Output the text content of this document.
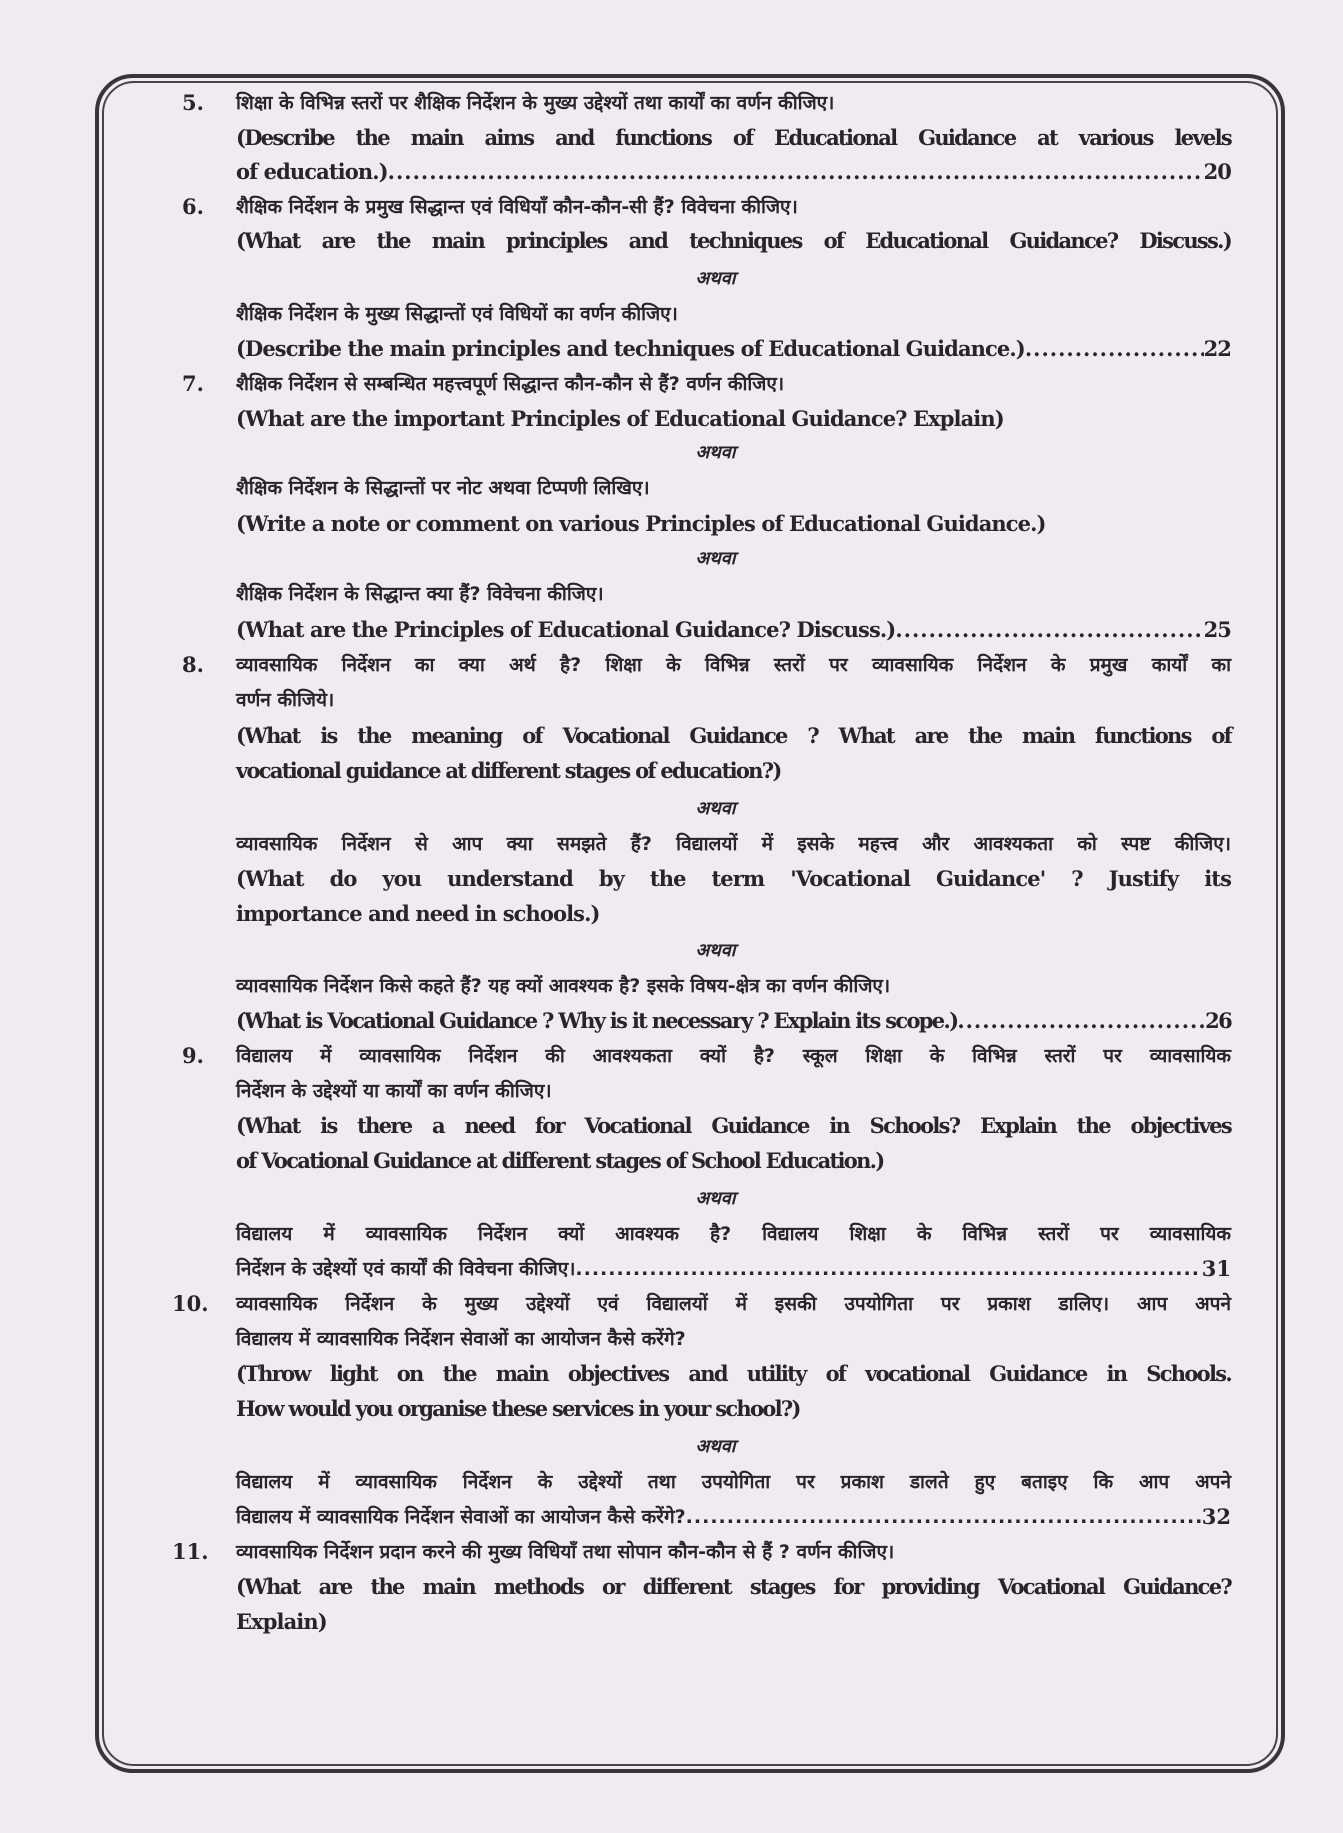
5. शिक्षा के विभिन्न स्तरों पर शैक्षिक निर्देशन के मुख्य उद्देश्यों तथा कार्यों का वर्णन कीजिए।
(Describe the main aims and functions of Educational Guidance at various levels
of education.) .....	20
6. शैक्षिक निर्देशन के प्रमुख सिद्धान्त एवं विधियाँ कौन-कौन-सी हैं? विवेचना कीजिए।
(What are the main principles and techniques of Educational Guidance? Discuss.)
अथवा
शैक्षिक निर्देशन के मुख्य सिद्धान्तों एवं विधियों का वर्णन कीजिए।
(Describe the main principles and techniques of Educational Guidance.) .....	22
7. शैक्षिक निर्देशन से सम्बन्धित महत्त्वपूर्ण सिद्धान्त कौन-कौन से हैं? वर्णन कीजिए।
(What are the important Principles of Educational Guidance? Explain)
अथवा
शैक्षिक निर्देशन के सिद्धान्तों पर नोट अथवा टिप्पणी लिखिए।
(Write a note or comment on various Principles of Educational Guidance.)
अथवा
शैक्षिक निर्देशन के सिद्धान्त क्या हैं? विवेचना कीजिए।
(What are the Principles of Educational Guidance? Discuss.) .....	25
8. व्यावसायिक निर्देशन का क्या अर्थ है? शिक्षा के विभिन्न स्तरों पर व्यावसायिक निर्देशन के प्रमुख कार्यों का
वर्णन कीजिये।
(What is the meaning of Vocational Guidance ? What are the main functions of
vocational guidance at different stages of education?)
अथवा
व्यावसायिक निर्देशन से आप क्या समझते हैं? विद्यालयों में इसके महत्त्व और आवश्यकता को स्पष्ट कीजिए।
(What do you understand by the term 'Vocational Guidance' ? Justify its
importance and need in schools.)
अथवा
व्यावसायिक निर्देशन किसे कहते हैं? यह क्यों आवश्यक है? इसके विषय-क्षेत्र का वर्णन कीजिए।
(What is Vocational Guidance ? Why is it necessary ? Explain its scope.) .....	26
9. विद्यालय में व्यावसायिक निर्देशन की आवश्यकता क्यों है? स्कूल शिक्षा के विभिन्न स्तरों पर व्यावसायिक
निर्देशन के उद्देश्यों या कार्यों का वर्णन कीजिए।
(What is there a need for Vocational Guidance in Schools? Explain the objectives
of Vocational Guidance at different stages of School Education.)
अथवा
विद्यालय में व्यावसायिक निर्देशन क्यों आवश्यक है? विद्यालय शिक्षा के विभिन्न स्तरों पर व्यावसायिक
निर्देशन के उद्देश्यों एवं कार्यों की विवेचना कीजिए। .....	31
10. व्यावसायिक निर्देशन के मुख्य उद्देश्यों एवं विद्यालयों में इसकी उपयोगिता पर प्रकाश डालिए। आप अपने
विद्यालय में व्यावसायिक निर्देशन सेवाओं का आयोजन कैसे करेंगे?
(Throw light on the main objectives and utility of vocational Guidance in Schools.
How would you organise these services in your school?)
अथवा
विद्यालय में व्यावसायिक निर्देशन के उद्देश्यों तथा उपयोगिता पर प्रकाश डालते हुए बताइए कि आप अपने
विद्यालय में व्यावसायिक निर्देशन सेवाओं का आयोजन कैसे करेंगे? .....	32
11. व्यावसायिक निर्देशन प्रदान करने की मुख्य विधियाँ तथा सोपान कौन-कौन से हैं ? वर्णन कीजिए।
(What are the main methods or different stages for providing Vocational Guidance?
Explain)
